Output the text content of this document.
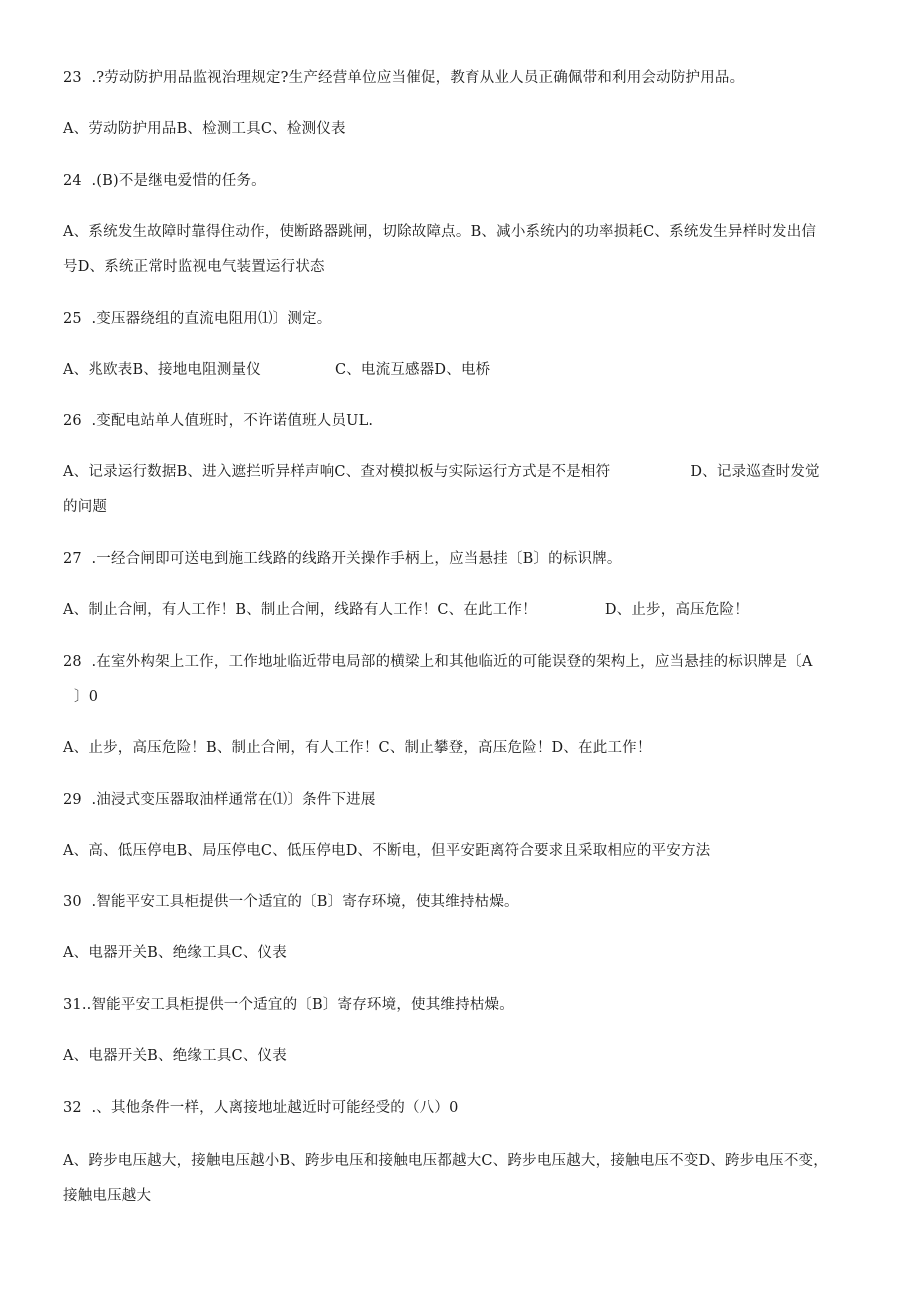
23  .?劳动防护用品监视治理规定?生产经营单位应当催促，教育从业人员正确佩带和利用会动防护用品。
A、劳动防护用品B、检测工具C、检测仪表
24  .(B)不是继电爱惜的任务。
A、系统发生故障时靠得住动作，使断路器跳闸，切除故障点。B、减小系统内的功率损耗C、系统发生异样时发出信
号D、系统正常时监视电气装置运行状态
25  .变压器绕组的直流电阻用⑴〕测定。
A、兆欧表B、接地电阻测量仪	C、电流互感器D、电桥
26  .变配电站单人值班时，不许诺值班人员UL.
A、记录运行数据B、进入遮拦听异样声响C、查对模拟板与实际运行方式是不是相符	D、记录巡查时发觉
的问题
27  .一经合闸即可送电到施工线路的线路开关操作手柄上，应当悬挂〔B〕的标识牌。
A、制止合闸，有人工作！B、制止合闸，线路有人工作！C、在此工作！	D、止步，高压危险！
28  .在室外构架上工作，工作地址临近带电局部的横梁上和其他临近的可能误登的架构上，应当悬挂的标识牌是〔A
〕0
A、止步，高压危险！B、制止合闸，有人工作！C、制止攀登，高压危险！D、在此工作！
29  .油浸式变压器取油样通常在⑴〕条件下进展
A、高、低压停电B、局压停电C、低压停电D、不断电，但平安距离符合要求且采取相应的平安方法
30  .智能平安工具柜提供一个适宜的〔B〕寄存环境，使其维持枯燥。
A、电器开关B、绝缘工具C、仪表
31..智能平安工具柜提供一个适宜的〔B〕寄存环境，使其维持枯燥。
A、电器开关B、绝缘工具C、仪表
32  .、其他条件一样，人离接地址越近时可能经受的（八）0
A、跨步电压越大，接触电压越小B、跨步电压和接触电压都越大C、跨步电压越大，接触电压不变D、跨步电压不变，
接触电压越大
